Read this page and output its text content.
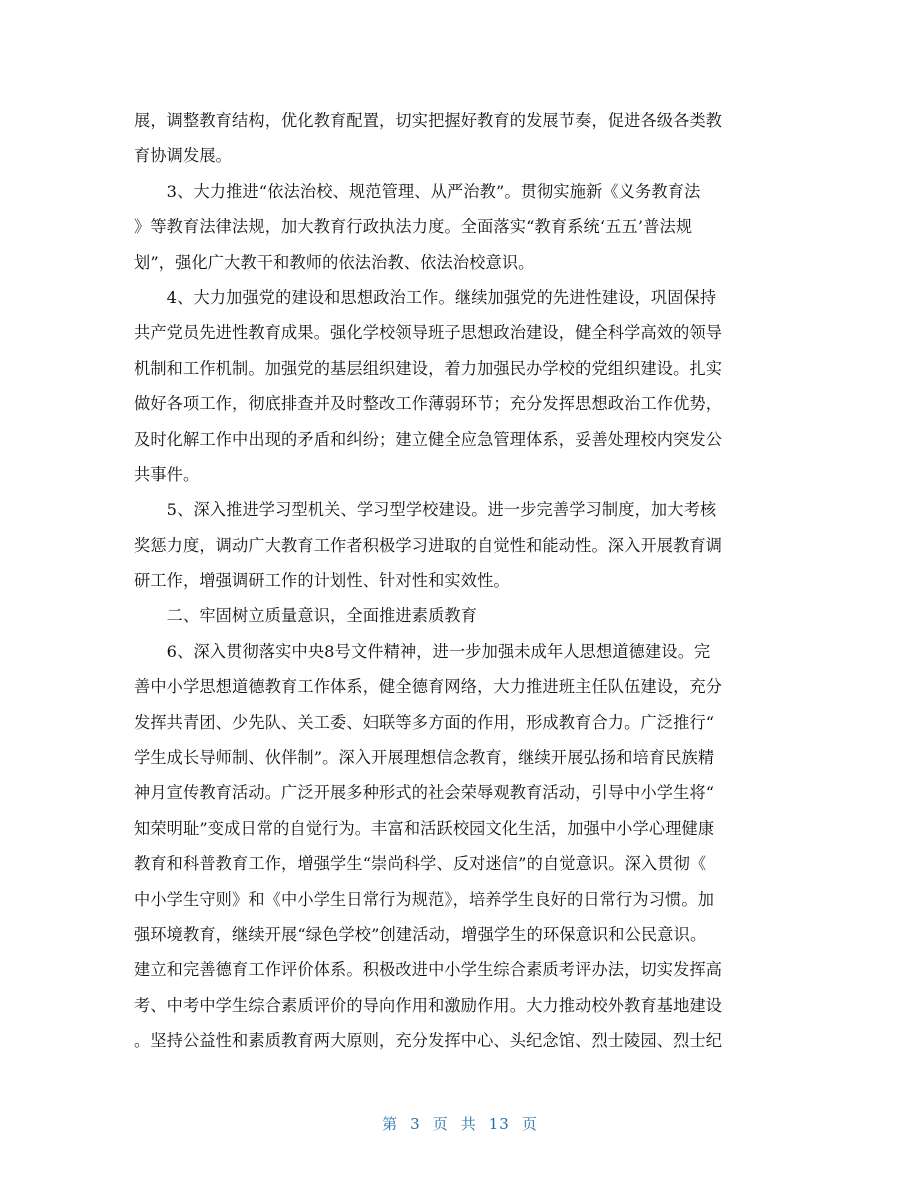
展，调整教育结构，优化教育配置，切实把握好教育的发展节奏，促进各级各类教
育协调发展。
　　3、大力推进“依法治校、规范管理、从严治教”。贯彻实施新《义务教育法
》等教育法律法规，加大教育行政执法力度。全面落实“教育系统‘五五’普法规
划”，强化广大教干和教师的依法治教、依法治校意识。
　　4、大力加强党的建设和思想政治工作。继续加强党的先进性建设，巩固保持
共产党员先进性教育成果。强化学校领导班子思想政治建设，健全科学高效的领导
机制和工作机制。加强党的基层组织建设，着力加强民办学校的党组织建设。扎实
做好各项工作，彻底排查并及时整改工作薄弱环节；充分发挥思想政治工作优势，
及时化解工作中出现的矛盾和纠纷；建立健全应急管理体系，妥善处理校内突发公
共事件。
　　5、深入推进学习型机关、学习型学校建设。进一步完善学习制度，加大考核
奖惩力度，调动广大教育工作者积极学习进取的自觉性和能动性。深入开展教育调
研工作，增强调研工作的计划性、针对性和实效性。
　　二、牢固树立质量意识，全面推进素质教育
　　6、深入贯彻落实中央8号文件精神，进一步加强未成年人思想道德建设。完
善中小学思想道德教育工作体系，健全德育网络，大力推进班主任队伍建设，充分
发挥共青团、少先队、关工委、妇联等多方面的作用，形成教育合力。广泛推行“
学生成长导师制、伙伴制”。深入开展理想信念教育，继续开展弘扬和培育民族精
神月宣传教育活动。广泛开展多种形式的社会荣辱观教育活动，引导中小学生将“
知荣明耻”变成日常的自觉行为。丰富和活跃校园文化生活，加强中小学心理健康
教育和科普教育工作，增强学生“崇尚科学、反对迷信”的自觉意识。深入贯彻《
中小学生守则》和《中小学生日常行为规范》，培养学生良好的日常行为习惯。加
强环境教育，继续开展“绿色学校”创建活动，增强学生的环保意识和公民意识。
建立和完善德育工作评价体系。积极改进中小学生综合素质考评办法，切实发挥高
考、中考中学生综合素质评价的导向作用和激励作用。大力推动校外教育基地建设
。坚持公益性和素质教育两大原则，充分发挥中心、头纪念馆、烈士陵园、烈士纪
第 3 页 共 13 页
